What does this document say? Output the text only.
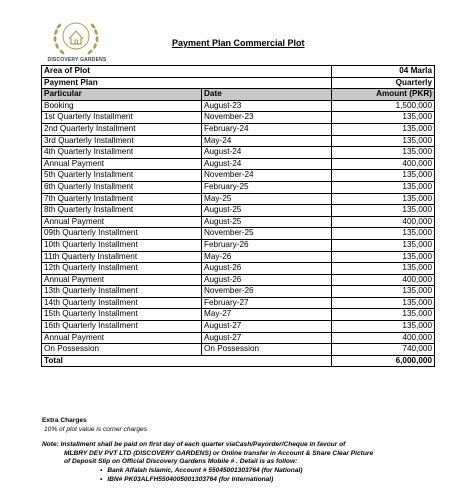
DISCOVERY GARDENS
Payment Plan Commercial Plot
Area of Plot		04 Marla
Payment Plan		Quarterly
Particular	Date	Amount (PKR)
Booking	August-23	1,500,000
1st Quarterly Installment	November-23	135,000
2nd Quarterly Installment	February-24	135,000
3rd Quarterly Installment	May-24	135,000
4th Quarterly Installment	August-24	135,000
Annual Payment	August-24	400,000
5th Quarterly Installment	November-24	135,000
6th Quarterly Installment	February-25	135,000
7th Quarterly Installment	May-25	135,000
8th Quarterly Installment	August-25	135,000
Annual Payment	August-25	400,000
09th Quarterly Installment	November-25	135,000
10th Quarterly Installment	February-26	135,000
11th Quarterly Installment	May-26	135,000
12th Quarterly Installment	August-26	135,000
Annual Payment	August-26	400,000
13th Quarterly Installment	November-26	135,000
14th Quarterly Installment	February-27	135,000
15th Quarterly Installment	May-27	135,000
16th Quarterly Installment	August-27	135,000
Annual Payment	August-27	400,000
On Possession	On Possession	740,000
Total		6,000,000
Extra Charges
10% of plot value is corner charges
Note: Installment shall be paid on first day of each quarter viaCash/Payorder/Cheque in favour of
MLBRY DEV PVT LTD (DISCOVERY GARDENS) or Online transfer in Account & Share Clear Picture
of Deposit Slip on Official Discovery Gardens Mobile # . Detail is as follow:
• Bank Alfalah Islamic, Account # 55045001303764 (for National)
• IBN# PK03ALFH5504005001303764 (for International)
